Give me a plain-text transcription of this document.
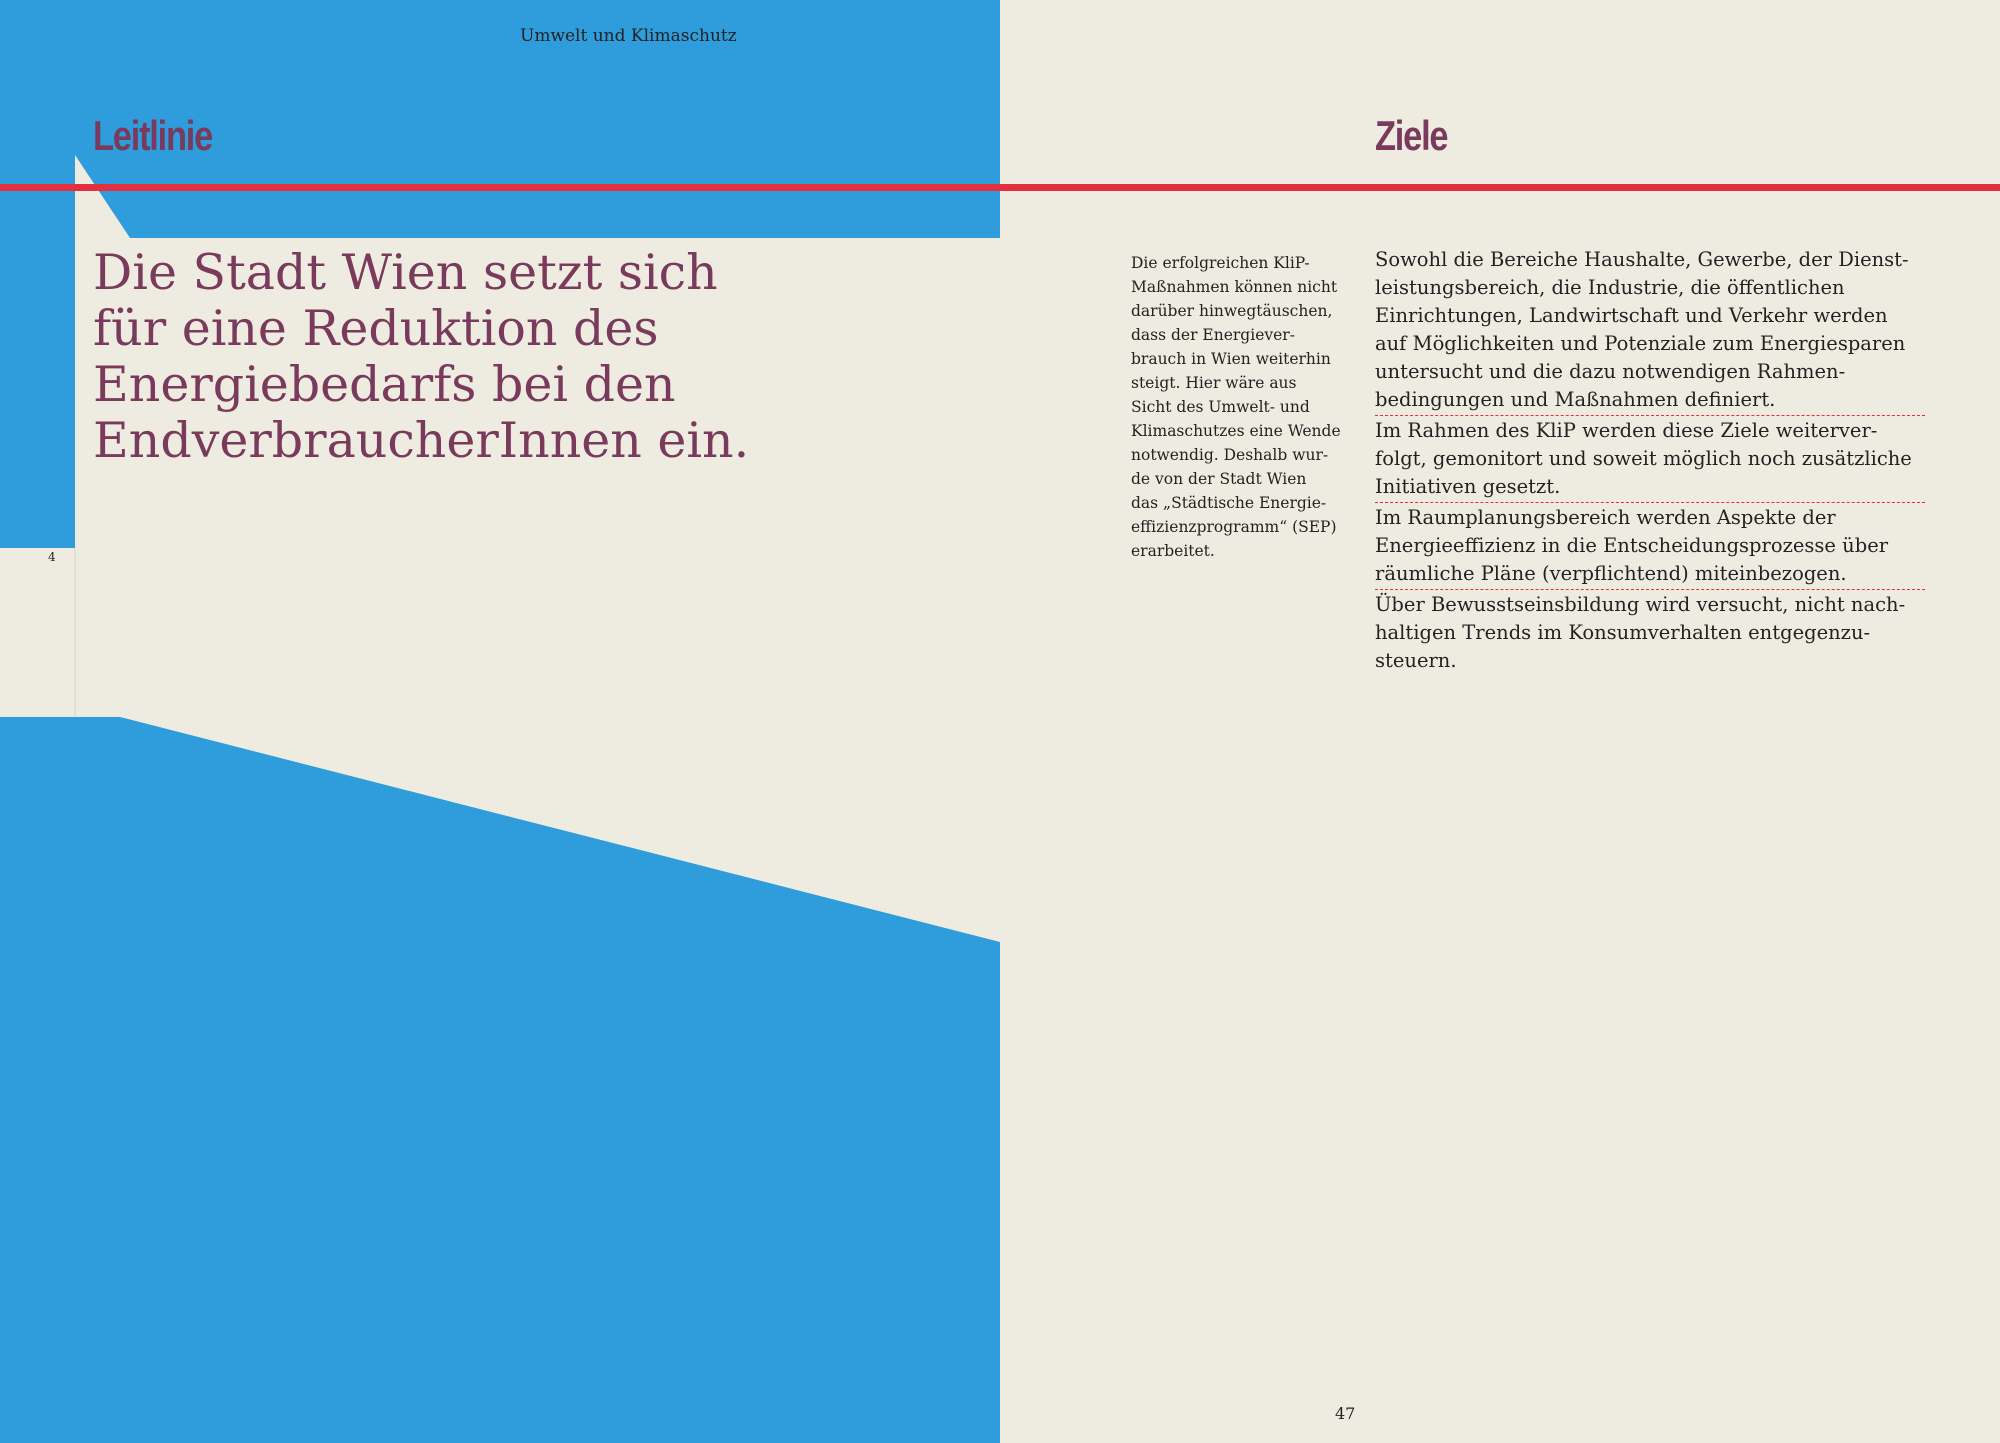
Umwelt und Klimaschutz
Leitlinie
Die Stadt Wien setzt sich
für eine Reduktion des
Energiebedarfs bei den
EndverbraucherInnen ein.
4
Ziele
Die erfolgreichen KliP-
Maßnahmen können nicht
darüber hinwegtäuschen,
dass der Energiever-
brauch in Wien weiterhin
steigt. Hier wäre aus
Sicht des Umwelt- und
Klimaschutzes eine Wende
notwendig. Deshalb wur-
de von der Stadt Wien
das „Städtische Energie-
effizienzprogramm“ (SEP)
erarbeitet.
Sowohl die Bereiche Haushalte, Gewerbe, der Dienst-
leistungsbereich, die Industrie, die öffentlichen
Einrichtungen, Landwirtschaft und Verkehr werden
auf Möglichkeiten und Potenziale zum Energiesparen
untersucht und die dazu notwendigen Rahmen-
bedingungen und Maßnahmen definiert.
Im Rahmen des KliP werden diese Ziele weiterver-
folgt, gemonitort und soweit möglich noch zusätzliche
Initiativen gesetzt.
Im Raumplanungsbereich werden Aspekte der
Energieeffizienz in die Entscheidungsprozesse über
räumliche Pläne (verpflichtend) miteinbezogen.
Über Bewusstseinsbildung wird versucht, nicht nach-
haltigen Trends im Konsumverhalten entgegenzu-
steuern.
47
